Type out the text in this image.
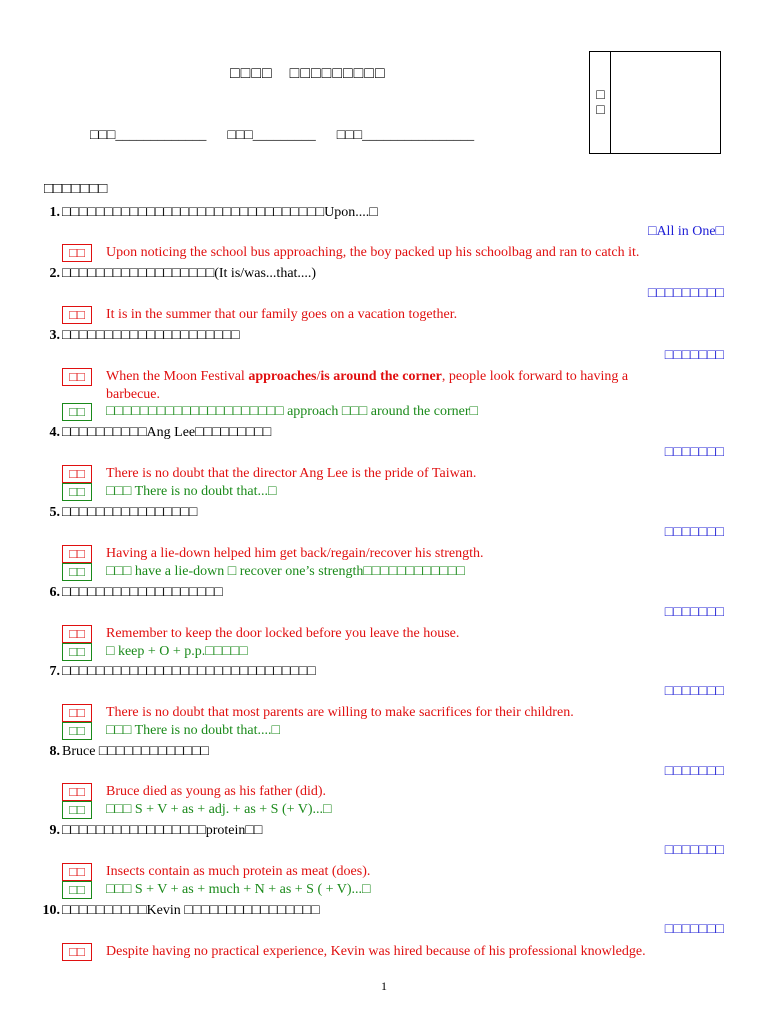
□□□□　□□□□□□□□□
□□□_____________ □□□_________ □□□________________
□□
□□□□□□□
1. □□□□□□□□□□□□□□□□□□□□□□□□□□□□□□□Upon....□
□All in One□
□□	Upon noticing the school bus approaching, the boy packed up his schoolbag and ran to catch it.
2. □□□□□□□□□□□□□□□□□□(It is/was...that....)
□□□□□□□□□
□□	It is in the summer that our family goes on a vacation together.
3. □□□□□□□□□□□□□□□□□□□□□
□□□□□□□
□□	When the Moon Festival approaches/is around the corner, people look forward to having a barbecue.
□□	□□□□□□□□□□□□□□□□□□□□□ approach □□□ around the corner□
4. □□□□□□□□□□Ang Lee□□□□□□□□□
□□□□□□□
□□	There is no doubt that the director Ang Lee is the pride of Taiwan.
□□	□□□ There is no doubt that...□
5. □□□□□□□□□□□□□□□□
□□□□□□□
□□	Having a lie-down helped him get back/regain/recover his strength.
□□	□□□ have a lie-down □ recover one’s strength□□□□□□□□□□□□
6. □□□□□□□□□□□□□□□□□□□
□□□□□□□
□□	Remember to keep the door locked before you leave the house.
□□	□ keep + O + p.p.□□□□□
7. □□□□□□□□□□□□□□□□□□□□□□□□□□□□□□
□□□□□□□
□□	There is no doubt that most parents are willing to make sacrifices for their children.
□□	□□□ There is no doubt that....□
8. Bruce □□□□□□□□□□□□□
□□□□□□□
□□	Bruce died as young as his father (did).
□□	□□□ S + V + as + adj. + as + S (+ V)...□
9. □□□□□□□□□□□□□□□□□protein□□
□□□□□□□
□□	Insects contain as much protein as meat (does).
□□	□□□ S + V + as + much + N + as + S ( + V)...□
10. □□□□□□□□□□Kevin □□□□□□□□□□□□□□□□
□□□□□□□
□□	Despite having no practical experience, Kevin was hired because of his professional knowledge.
1
